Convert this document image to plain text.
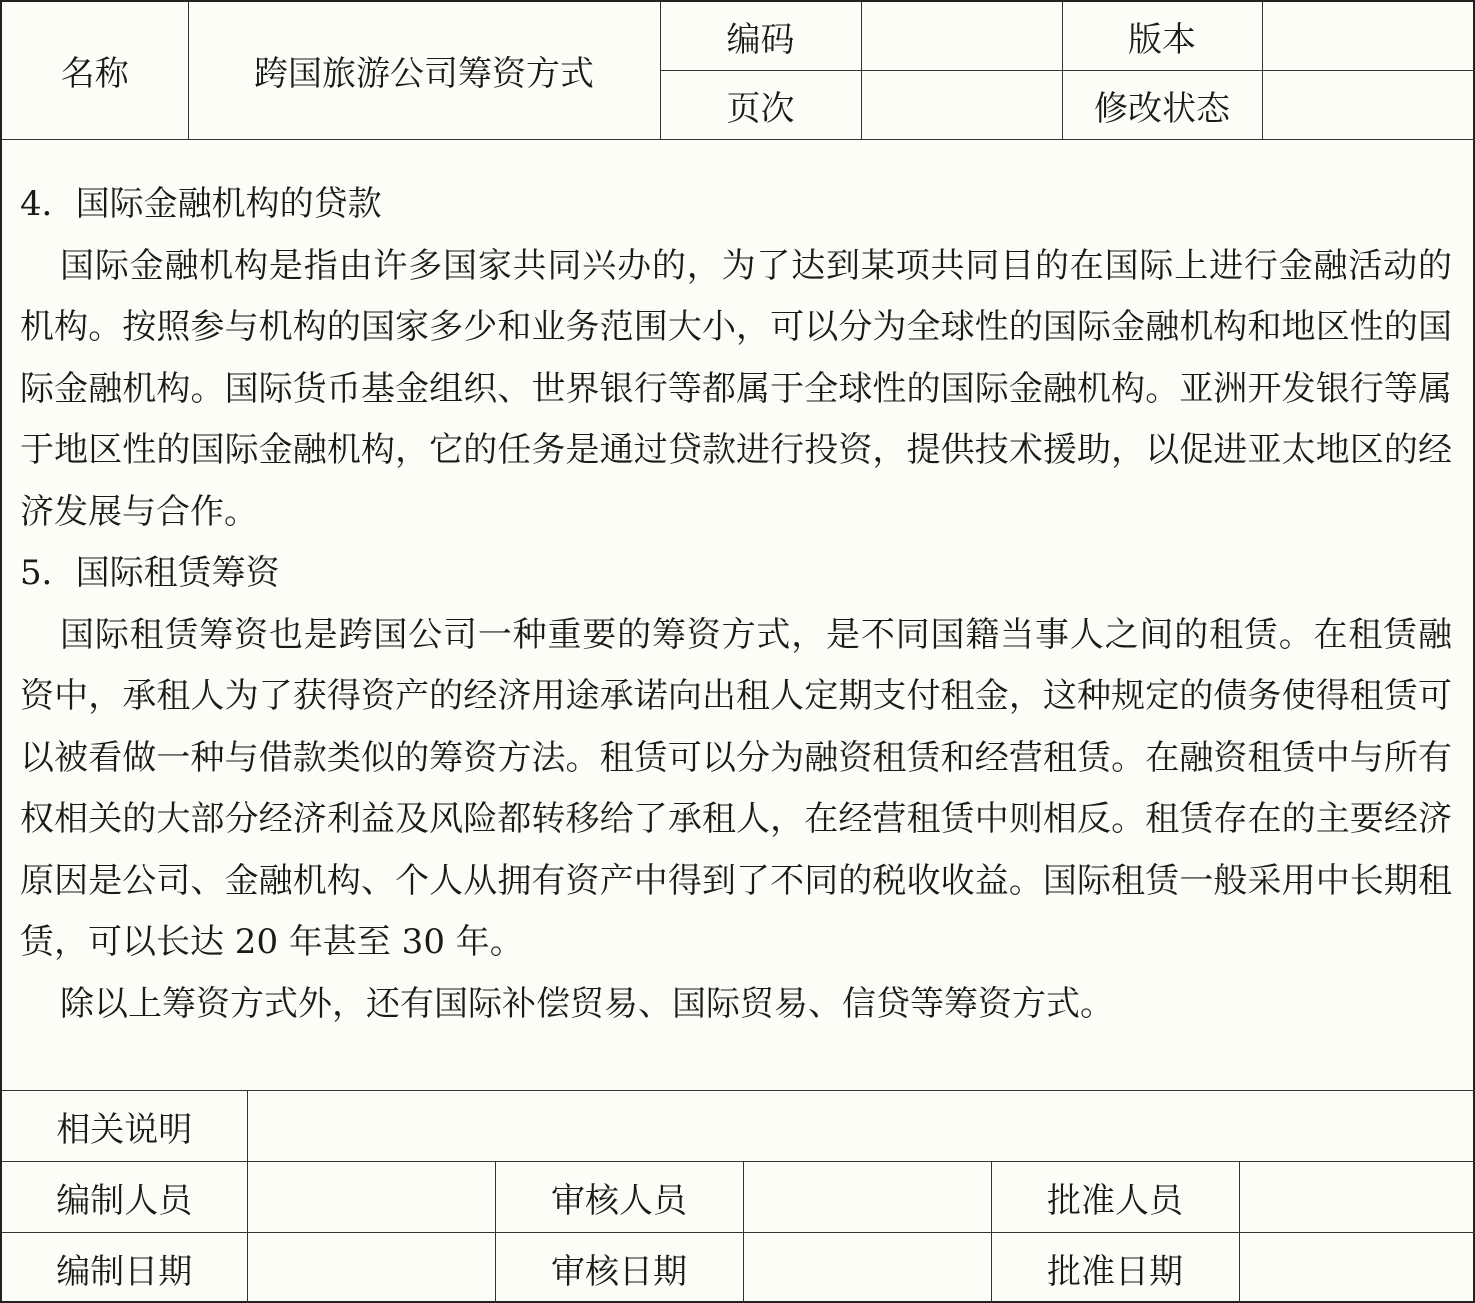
名称	跨国旅游公司筹资方式	编码		版本	
		页次		修改状态	

4．国际金融机构的贷款

国际金融机构是指由许多国家共同兴办的，为了达到某项共同目的在国际上进行金融活动的机构。按照参与机构的国家多少和业务范围大小，可以分为全球性的国际金融机构和地区性的国际金融机构。国际货币基金组织、世界银行等都属于全球性的国际金融机构。亚洲开发银行等属于地区性的国际金融机构，它的任务是通过贷款进行投资，提供技术援助，以促进亚太地区的经济发展与合作。

5．国际租赁筹资

国际租赁筹资也是跨国公司一种重要的筹资方式，是不同国籍当事人之间的租赁。在租赁融资中，承租人为了获得资产的经济用途承诺向出租人定期支付租金，这种规定的债务使得租赁可以被看做一种与借款类似的筹资方法。租赁可以分为融资租赁和经营租赁。在融资租赁中与所有权相关的大部分经济利益及风险都转移给了承租人，在经营租赁中则相反。租赁存在的主要经济原因是公司、金融机构、个人从拥有资产中得到了不同的税收收益。国际租赁一般采用中长期租赁，可以长达 20 年甚至 30 年。

除以上筹资方式外，还有国际补偿贸易、国际贸易、信贷等筹资方式。

相关说明					
编制人员		审核人员		批准人员	
编制日期		审核日期		批准日期	
